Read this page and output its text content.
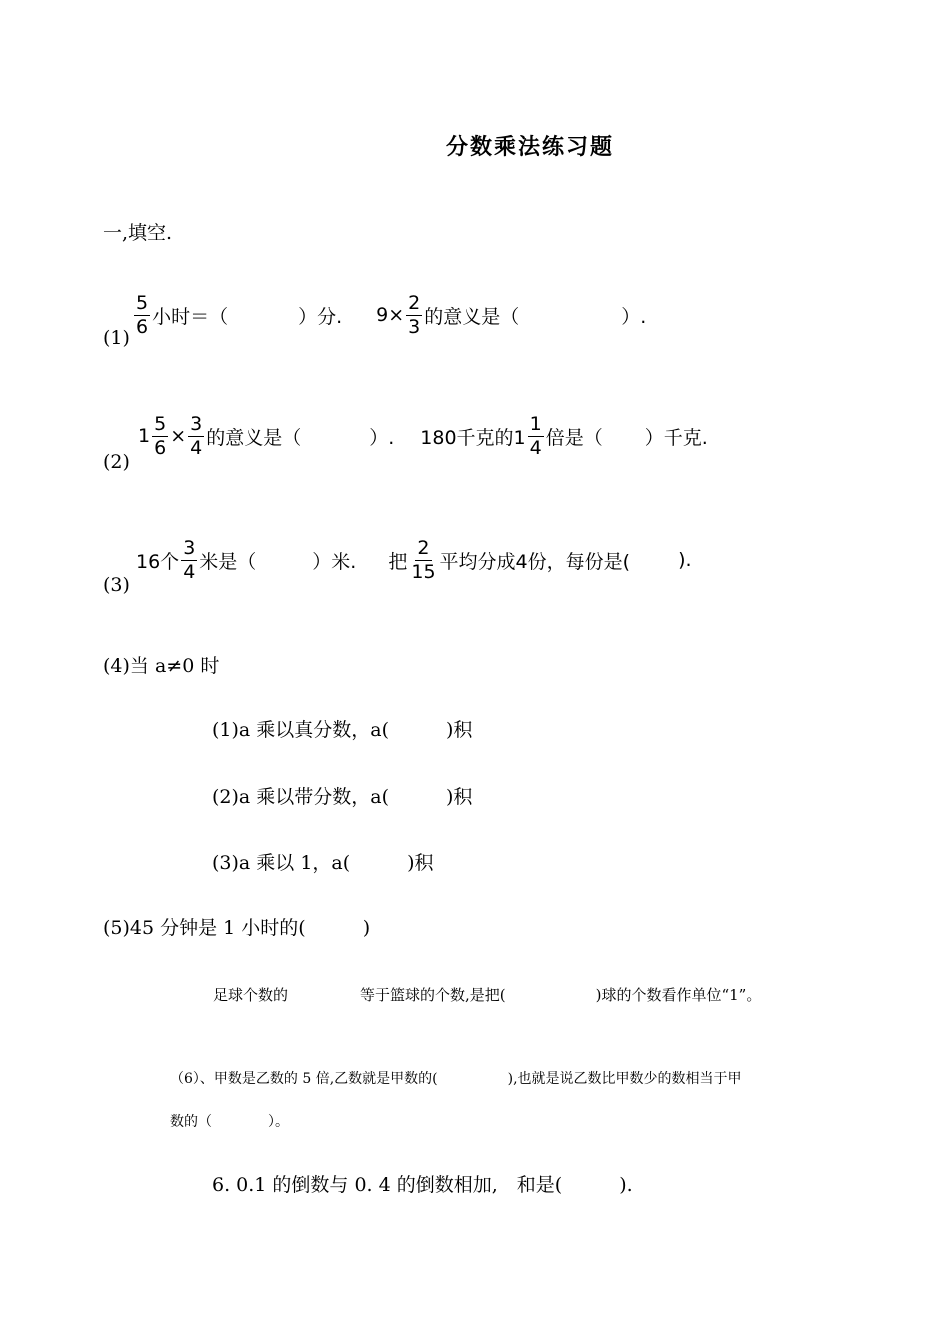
分数乘法练习题
一,填空.
(1)
$\frac{5}{6}$ 小时＝（	）分. $9\times \frac{2}{3}$ 的意义是（	）.
(2)
$1 \frac{5}{6} \times \frac{3}{4}$ 的意义是（	）. 180千克的$1 \frac{1}{4}$ 倍是（ ）千克.
(3)
16个 $\frac{3}{4}$ 米是（	）米. 把 $\frac{2}{15}$ 平均分成4份，每份是(	).
(4)当 a≠0 时
(1)a 乘以真分数，a(　　　)积
(2)a 乘以带分数，a(　　　)积
(3)a 乘以 1，a(　　　)积
(5)45 分钟是 1 小时的(　　　)
足球个数的	等于篮球的个数,是把(　　　　　　)球的个数看作单位“1”。
（6）、甲数是乙数的 5 倍,乙数就是甲数的(　　　　　),也就是说乙数比甲数少的数相当于甲
数的（　　　　）。
6. 0.1 的倒数与 0. 4 的倒数相加,　和是(　　　).
